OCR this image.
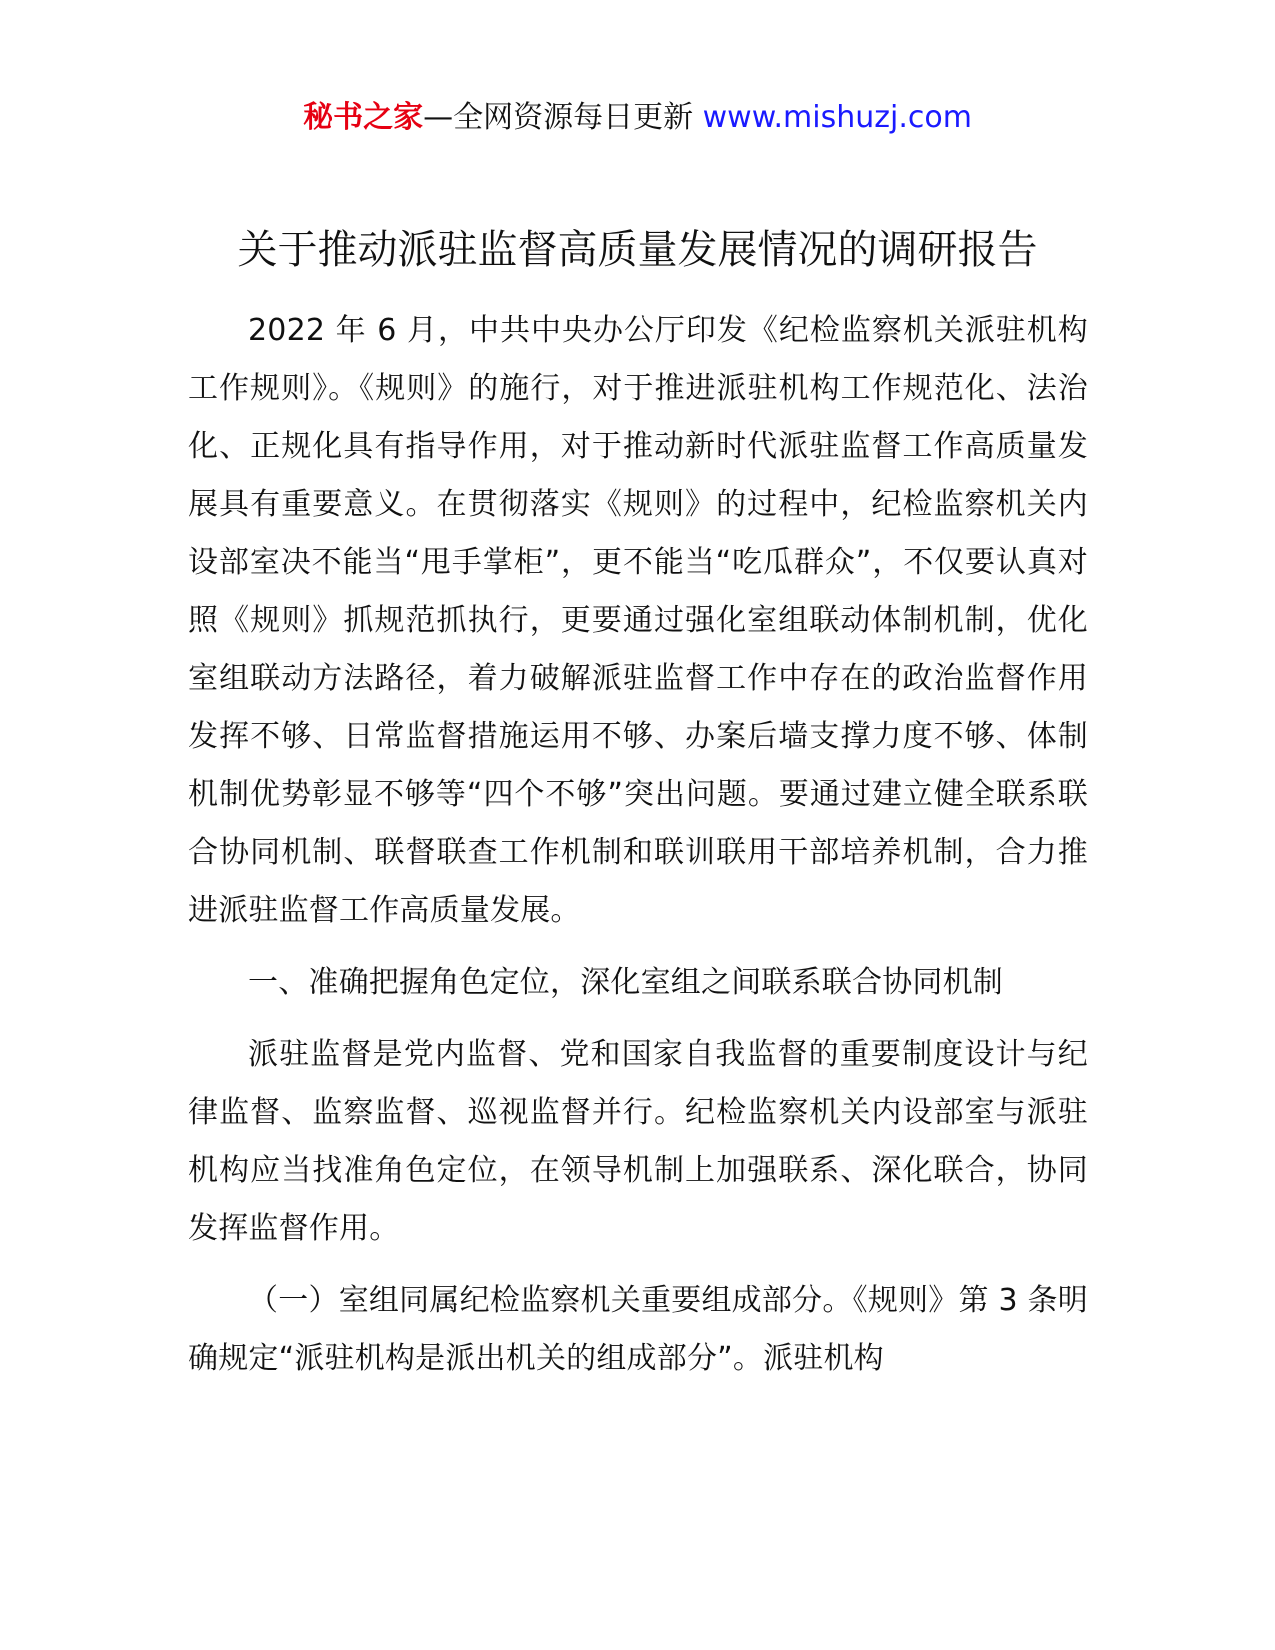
秘书之家—全网资源每日更新 www.mishuzj.com
关于推动派驻监督高质量发展情况的调研报告

2022 年 6 月，中共中央办公厅印发《纪检监察机关派驻机构工作规则》。《规则》的施行，对于推进派驻机构工作规范化、法治化、正规化具有指导作用，对于推动新时代派驻监督工作高质量发展具有重要意义。在贯彻落实《规则》的过程中，纪检监察机关内设部室决不能当“甩手掌柜”，更不能当“吃瓜群众”，不仅要认真对照《规则》抓规范抓执行，更要通过强化室组联动体制机制，优化室组联动方法路径，着力破解派驻监督工作中存在的政治监督作用发挥不够、日常监督措施运用不够、办案后墙支撑力度不够、体制机制优势彰显不够等“四个不够”突出问题。要通过建立健全联系联合协同机制、联督联查工作机制和联训联用干部培养机制，合力推进派驻监督工作高质量发展。

一、准确把握角色定位，深化室组之间联系联合协同机制

派驻监督是党内监督、党和国家自我监督的重要制度设计与纪律监督、监察监督、巡视监督并行。纪检监察机关内设部室与派驻机构应当找准角色定位，在领导机制上加强联系、深化联合，协同发挥监督作用。

（一）室组同属纪检监察机关重要组成部分。《规则》第 3 条明确规定“派驻机构是派出机关的组成部分”。派驻机构
